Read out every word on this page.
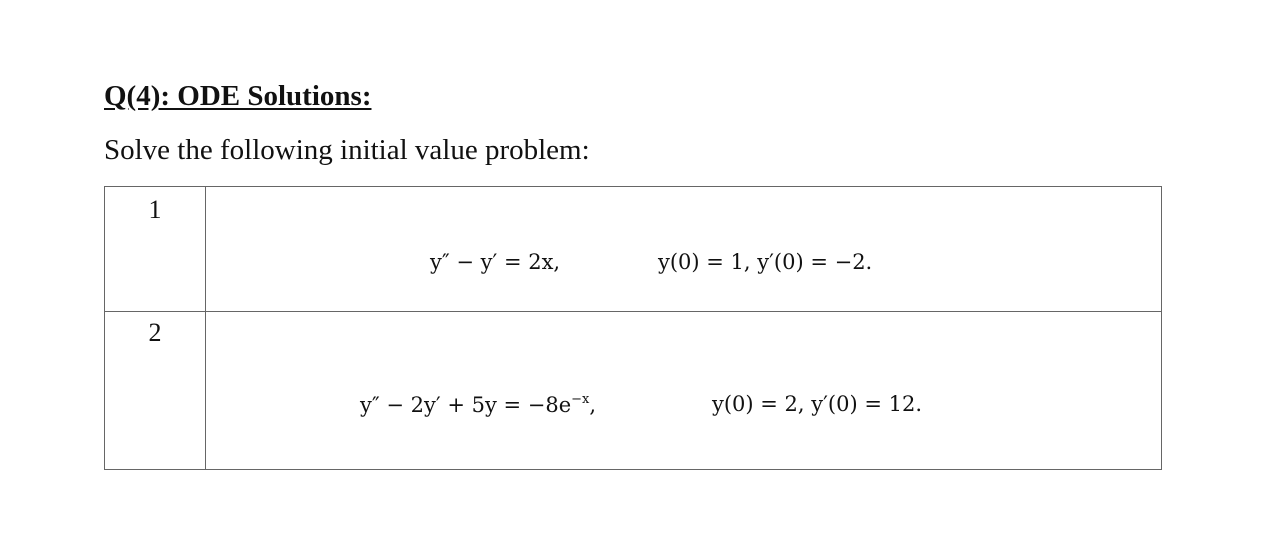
Q(4): ODE Solutions:
Solve the following initial value problem:
1
y″ − y′ = 2x,	y(0) = 1, y′(0) = −2.
2
$y'' - 2y' + 5y = -8e^{-x}$,	y(0) = 2, y′(0) = 12.
